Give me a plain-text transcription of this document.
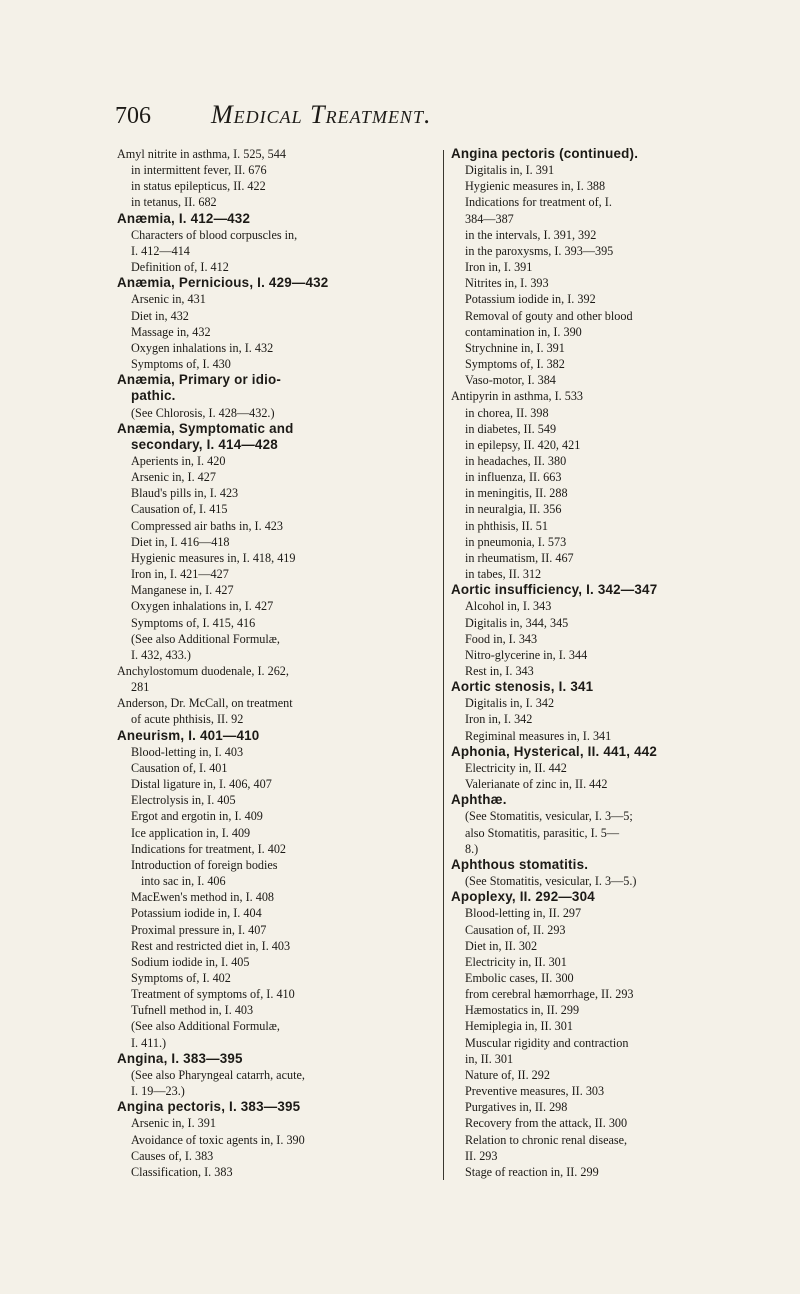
706	Medical Treatment.
Amyl nitrite in asthma, I. 525, 544
in intermittent fever, II. 676
in status epilepticus, II. 422
in tetanus, II. 682
Anæmia, I. 412—432
Characters of blood corpuscles in,
I. 412—414
Definition of, I. 412
Anæmia, Pernicious, I. 429—432
Arsenic in, 431
Diet in, 432
Massage in, 432
Oxygen inhalations in, I. 432
Symptoms of, I. 430
Anæmia, Primary or idio-
pathic.
(See Chlorosis, I. 428—432.)
Anæmia, Symptomatic and
secondary, I. 414—428
Aperients in, I. 420
Arsenic in, I. 427
Blaud's pills in, I. 423
Causation of, I. 415
Compressed air baths in, I. 423
Diet in, I. 416—418
Hygienic measures in, I. 418, 419
Iron in, I. 421—427
Manganese in, I. 427
Oxygen inhalations in, I. 427
Symptoms of, I. 415, 416
(See also Additional Formulæ,
I. 432, 433.)
Anchylostomum duodenale, I. 262,
281
Anderson, Dr. McCall, on treatment
of acute phthisis, II. 92
Aneurism, I. 401—410
Blood-letting in, I. 403
Causation of, I. 401
Distal ligature in, I. 406, 407
Electrolysis in, I. 405
Ergot and ergotin in, I. 409
Ice application in, I. 409
Indications for treatment, I. 402
Introduction of foreign bodies
into sac in, I. 406
MacEwen's method in, I. 408
Potassium iodide in, I. 404
Proximal pressure in, I. 407
Rest and restricted diet in, I. 403
Sodium iodide in, I. 405
Symptoms of, I. 402
Treatment of symptoms of, I. 410
Tufnell method in, I. 403
(See also Additional Formulæ,
I. 411.)
Angina, I. 383—395
(See also Pharyngeal catarrh, acute,
I. 19—23.)
Angina pectoris, I. 383—395
Arsenic in, I. 391
Avoidance of toxic agents in, I. 390
Causes of, I. 383
Classification, I. 383
Angina pectoris (continued).
Digitalis in, I. 391
Hygienic measures in, I. 388
Indications for treatment of, I.
384—387
in the intervals, I. 391, 392
in the paroxysms, I. 393—395
Iron in, I. 391
Nitrites in, I. 393
Potassium iodide in, I. 392
Removal of gouty and other blood
contamination in, I. 390
Strychnine in, I. 391
Symptoms of, I. 382
Vaso-motor, I. 384
Antipyrin in asthma, I. 533
in chorea, II. 398
in diabetes, II. 549
in epilepsy, II. 420, 421
in headaches, II. 380
in influenza, II. 663
in meningitis, II. 288
in neuralgia, II. 356
in phthisis, II. 51
in pneumonia, I. 573
in rheumatism, II. 467
in tabes, II. 312
Aortic insufficiency, I. 342—347
Alcohol in, I. 343
Digitalis in, 344, 345
Food in, I. 343
Nitro-glycerine in, I. 344
Rest in, I. 343
Aortic stenosis, I. 341
Digitalis in, I. 342
Iron in, I. 342
Regiminal measures in, I. 341
Aphonia, Hysterical, II. 441, 442
Electricity in, II. 442
Valerianate of zinc in, II. 442
Aphthæ.
(See Stomatitis, vesicular, I. 3—5;
also Stomatitis, parasitic, I. 5—
8.)
Aphthous stomatitis.
(See Stomatitis, vesicular, I. 3—5.)
Apoplexy, II. 292—304
Blood-letting in, II. 297
Causation of, II. 293
Diet in, II. 302
Electricity in, II. 301
Embolic cases, II. 300
from cerebral hæmorrhage, II. 293
Hæmostatics in, II. 299
Hemiplegia in, II. 301
Muscular rigidity and contraction
in, II. 301
Nature of, II. 292
Preventive measures, II. 303
Purgatives in, II. 298
Recovery from the attack, II. 300
Relation to chronic renal disease,
II. 293
Stage of reaction in, II. 299
